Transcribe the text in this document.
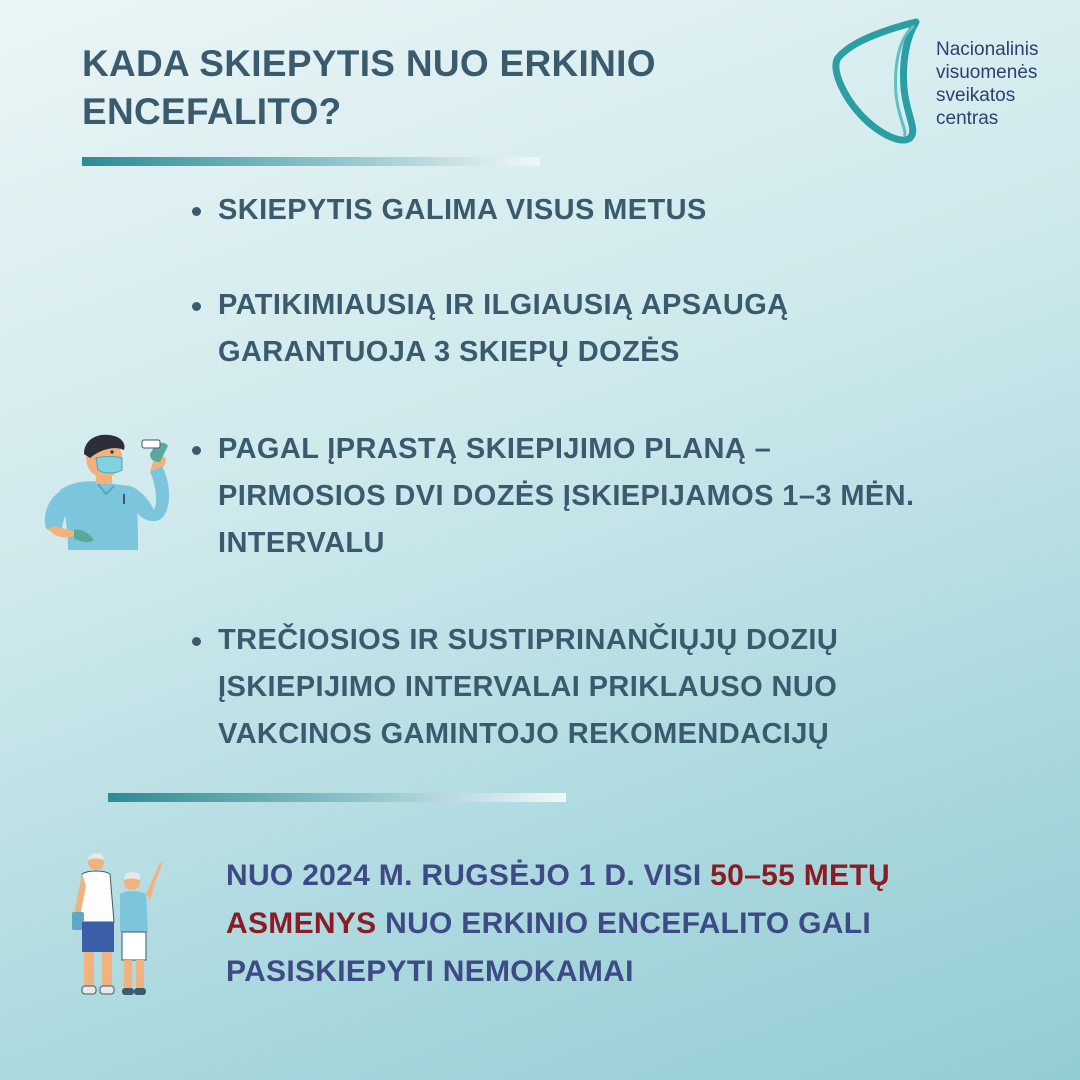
KADA SKIEPYTIS NUO ERKINIO
ENCEFALITO?
Nacionalinis
visuomenės
sveikatos
centras
SKIEPYTIS GALIMA VISUS METUS
PATIKIMIAUSIĄ IR ILGIAUSIĄ APSAUGĄ
GARANTUOJA 3 SKIEPŲ DOZĖS
PAGAL ĮPRASTĄ SKIEPIJIMO PLANĄ –
PIRMOSIOS DVI DOZĖS ĮSKIEPIJAMOS 1–3 MĖN.
INTERVALU
TREČIOSIOS IR SUSTIPRINANČIŲJŲ DOZIŲ
ĮSKIEPIJIMO INTERVALAI PRIKLAUSO NUO
VAKCINOS GAMINTOJO REKOMENDACIJŲ
NUO 2024 M. RUGSĖJO 1 D. VISI 50–55 METŲ ASMENYS NUO ERKINIO ENCEFALITO GALI PASISKIEPYTI NEMOKAMAI
